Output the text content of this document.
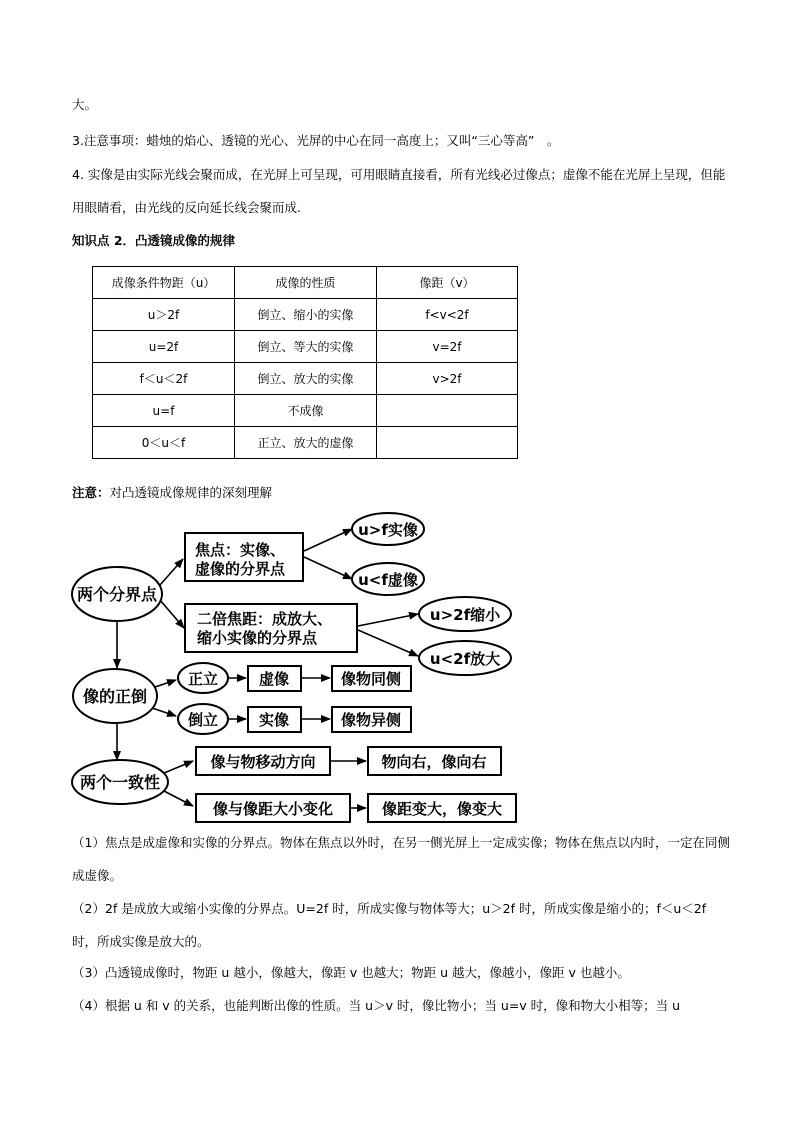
大。

3.注意事项：蜡烛的焰心、透镜的光心、光屏的中心在同一高度上；又叫“三心等高”　。

4. 实像是由实际光线会聚而成，在光屏上可呈现，可用眼睛直接看，所有光线必过像点；虚像不能在光屏上呈现，但能用眼睛看，由光线的反向延长线会聚而成.

知识点 2．凸透镜成像的规律

成像条件物距（u）	成像的性质	像距（v）
u＞2f	倒立、缩小的实像	f<v<2f
u=2f	倒立、等大的实像	v=2f
f＜u＜2f	倒立、放大的实像	v>2f
u=f	不成像	
0＜u＜f	正立、放大的虚像	

注意：对凸透镜成像规律的深刻理解

两个分界点
焦点：实像、
虚像的分界点
u>f实像
u<f虚像
二倍焦距：成放大、
缩小实像的分界点
u>2f缩小
u<2f放大
像的正倒
正立	虚像	像物同侧
倒立	实像	像物异侧
两个一致性
像与物移动方向	物向右，像向右
像与像距大小变化	像距变大，像变大

（1）焦点是成虚像和实像的分界点。物体在焦点以外时，在另一侧光屏上一定成实像；物体在焦点以内时，一定在同侧成虚像。

（2）2f 是成放大或缩小实像的分界点。U=2f 时，所成实像与物体等大；u＞2f 时，所成实像是缩小的；f＜u＜2f 时，所成实像是放大的。

（3）凸透镜成像时，物距 u 越小，像越大，像距 v 也越大；物距 u 越大，像越小，像距 v 也越小。

（4）根据 u 和 v 的关系，也能判断出像的性质。当 u＞v 时，像比物小；当 u=v 时，像和物大小相等；当 u
